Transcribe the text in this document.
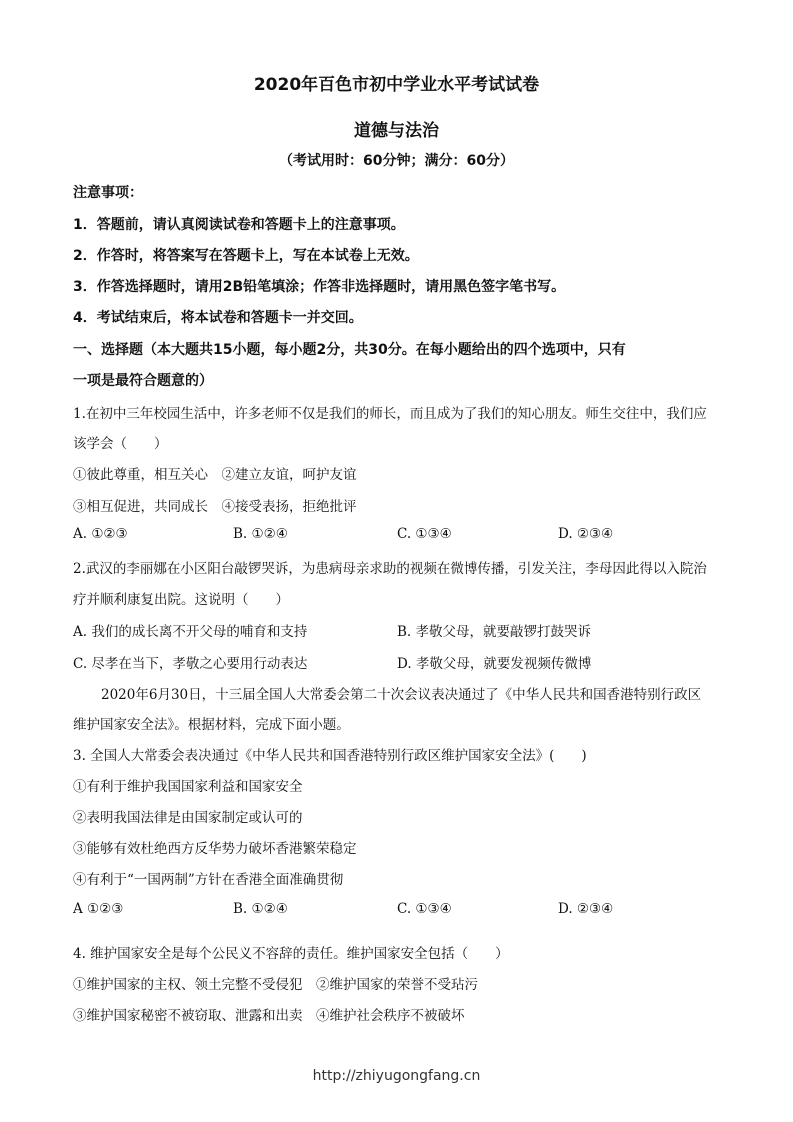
2020年百色市初中学业水平考试试卷
道德与法治
（考试用时：60分钟；满分：60分）
注意事项：
1．答题前，请认真阅读试卷和答题卡上的注意事项。
2．作答时，将答案写在答题卡上，写在本试卷上无效。
3．作答选择题时，请用2B铅笔填涂；作答非选择题时，请用黑色签字笔书写。
4．考试结束后，将本试卷和答题卡一并交回。
一、选择题（本大题共15小题，每小题2分，共30分。在每小题给出的四个选项中，只有
一项是最符合题意的）
1.在初中三年校园生活中，许多老师不仅是我们的师长，而且成为了我们的知心朋友。师生交往中，我们应
该学会（　　）
①彼此尊重，相互关心　②建立友谊，呵护友谊
③相互促进，共同成长　④接受表扬，拒绝批评
A. ①②③	B. ①②④	C. ①③④	D. ②③④
2.武汉的李丽娜在小区阳台敲锣哭诉，为患病母亲求助的视频在微博传播，引发关注，李母因此得以入院治
疗并顺利康复出院。这说明（　　）
A. 我们的成长离不开父母的哺育和支持	B. 孝敬父母，就要敲锣打鼓哭诉
C. 尽孝在当下，孝敬之心要用行动表达	D. 孝敬父母，就要发视频传微博
2020年6月30日，十三届全国人大常委会第二十次会议表决通过了《中华人民共和国香港特别行政区
维护国家安全法》。根据材料，完成下面小题。
3. 全国人大常委会表决通过《中华人民共和国香港特别行政区维护国家安全法》(　　)
①有利于维护我国国家利益和国家安全
②表明我国法律是由国家制定或认可的
③能够有效杜绝西方反华势力破坏香港繁荣稳定
④有利于“一国两制”方针在香港全面准确贯彻
A ①②③	B. ①②④	C. ①③④	D. ②③④
4. 维护国家安全是每个公民义不容辞的责任。维护国家安全包括（　　）
①维护国家的主权、领土完整不受侵犯　②维护国家的荣誉不受玷污
③维护国家秘密不被窃取、泄露和出卖　④维护社会秩序不被破坏
http://zhiyugongfang.cn
